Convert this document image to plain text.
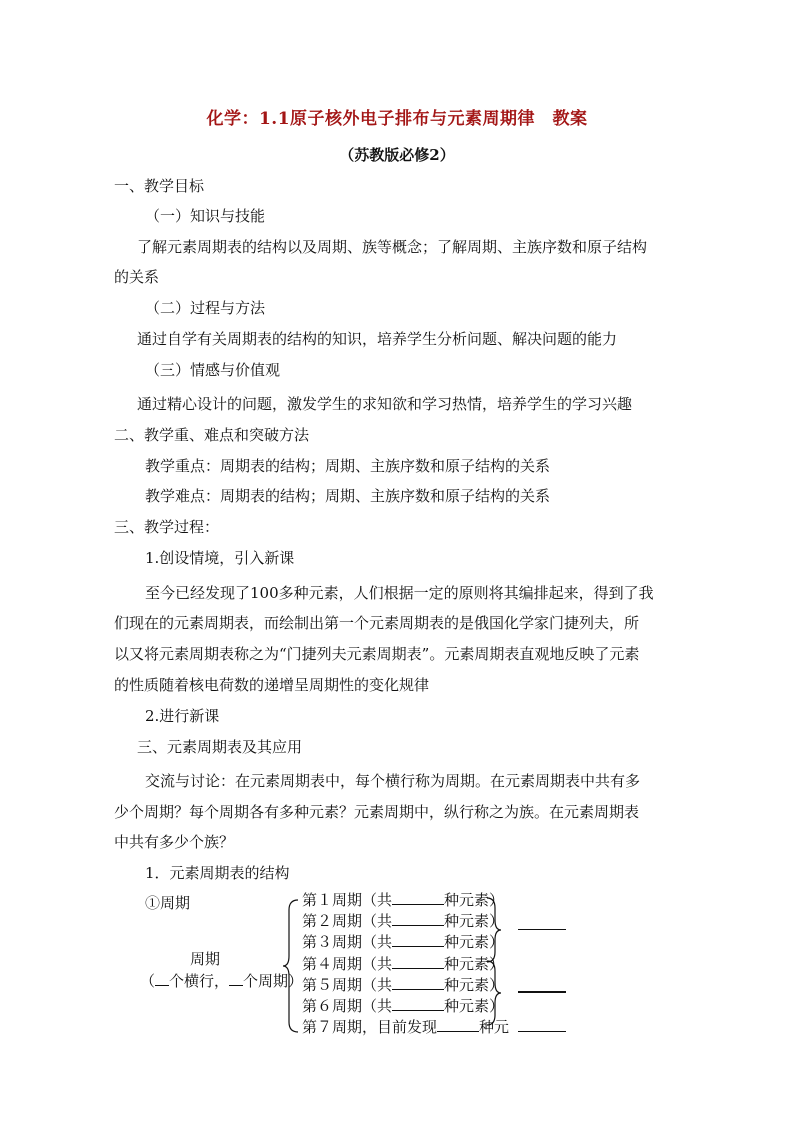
化学：1.1原子核外电子排布与元素周期律　教案
（苏教版必修2）
一、教学目标
（一）知识与技能
了解元素周期表的结构以及周期、族等概念；了解周期、主族序数和原子结构
的关系
（二）过程与方法
通过自学有关周期表的结构的知识，培养学生分析问题、解决问题的能力
（三）情感与价值观
通过精心设计的问题，激发学生的求知欲和学习热情，培养学生的学习兴趣
二、教学重、难点和突破方法
教学重点：周期表的结构；周期、主族序数和原子结构的关系
教学难点：周期表的结构；周期、主族序数和原子结构的关系
三、教学过程：
1.创设情境，引入新课
至今已经发现了100多种元素，人们根据一定的原则将其编排起来，得到了我
们现在的元素周期表，而绘制出第一个元素周期表的是俄国化学家门捷列夫，所
以又将元素周期表称之为“门捷列夫元素周期表”。元素周期表直观地反映了元素
的性质随着核电荷数的递增呈周期性的变化规律
2.进行新课
三、元素周期表及其应用
交流与讨论：在元素周期表中，每个横行称为周期。在元素周期表中共有多
少个周期？每个周期各有多种元素？元素周期中，纵行称之为族。在元素周期表
中共有多少个族？
1．元素周期表的结构
①周期
周期
（ 个横行， 个周期）
第１周期（共	种元素）
第２周期（共	种元素）
第３周期（共	种元素）
第４周期（共	种元素）
第５周期（共	种元素）
第６周期（共	种元素）
第７周期，目前发现	种元
